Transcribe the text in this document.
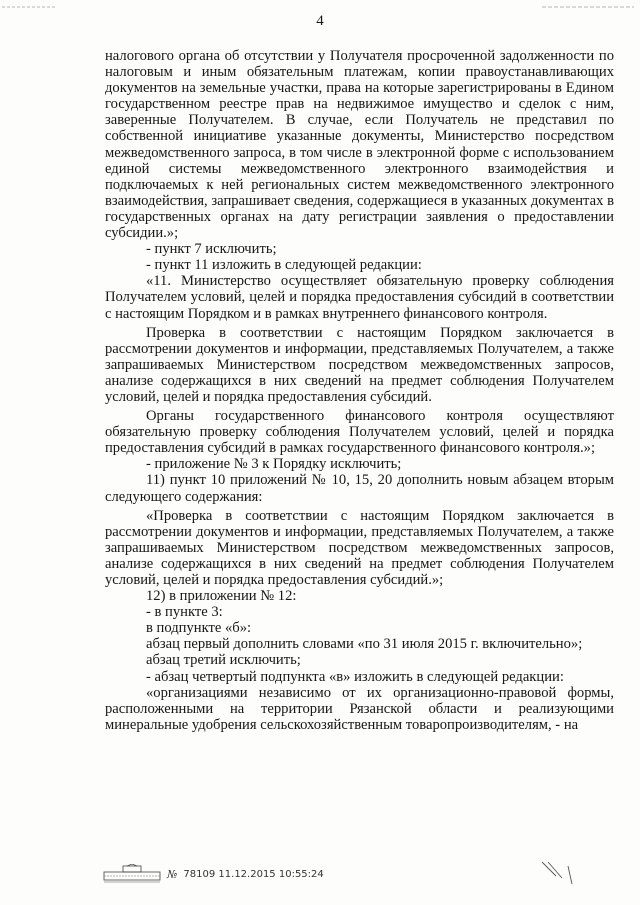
4

налогового органа об отсутствии у Получателя просроченной задолженности по налоговым и иным обязательным платежам, копии правоустанавливающих документов на земельные участки, права на которые зарегистрированы в Едином государственном реестре прав на недвижимое имущество и сделок с ним, заверенные Получателем. В случае, если Получатель не представил по собственной инициативе указанные документы, Министерство посредством межведомственного запроса, в том числе в электронной форме с использованием единой системы межведомственного электронного взаимодействия и подключаемых к ней региональных систем межведомственного электронного взаимодействия, запрашивает сведения, содержащиеся в указанных документах в государственных органах на дату регистрации заявления о предоставлении субсидии.»;

- пункт 7 исключить;

- пункт 11 изложить в следующей редакции:

«11. Министерство осуществляет обязательную проверку соблюдения Получателем условий, целей и порядка предоставления субсидий в соответствии с настоящим Порядком и в рамках внутреннего финансового контроля.

Проверка в соответствии с настоящим Порядком заключается в рассмотрении документов и информации, представляемых Получателем, а также запрашиваемых Министерством посредством межведомственных запросов, анализе содержащихся в них сведений на предмет соблюдения Получателем условий, целей и порядка предоставления субсидий.

Органы государственного финансового контроля осуществляют обязательную проверку соблюдения Получателем условий, целей и порядка предоставления субсидий в рамках государственного финансового контроля.»;

- приложение № 3 к Порядку исключить;

11) пункт 10 приложений № 10, 15, 20 дополнить новым абзацем вторым следующего содержания:

«Проверка в соответствии с настоящим Порядком заключается в рассмотрении документов и информации, представляемых Получателем, а также запрашиваемых Министерством посредством межведомственных запросов, анализе содержащихся в них сведений на предмет соблюдения Получателем условий, целей и порядка предоставления субсидий.»;

12) в приложении № 12:

- в пункте 3:

в подпункте «б»:

абзац первый дополнить словами «по 31 июля 2015 г. включительно»;

абзац третий исключить;

- абзац четвертый подпункта «в» изложить в следующей редакции:

«организациями независимо от их организационно-правовой формы, расположенными на территории Рязанской области и реализующими минеральные удобрения сельскохозяйственным товаропроизводителям, - на

№ 78109 11.12.2015 10:55:24
